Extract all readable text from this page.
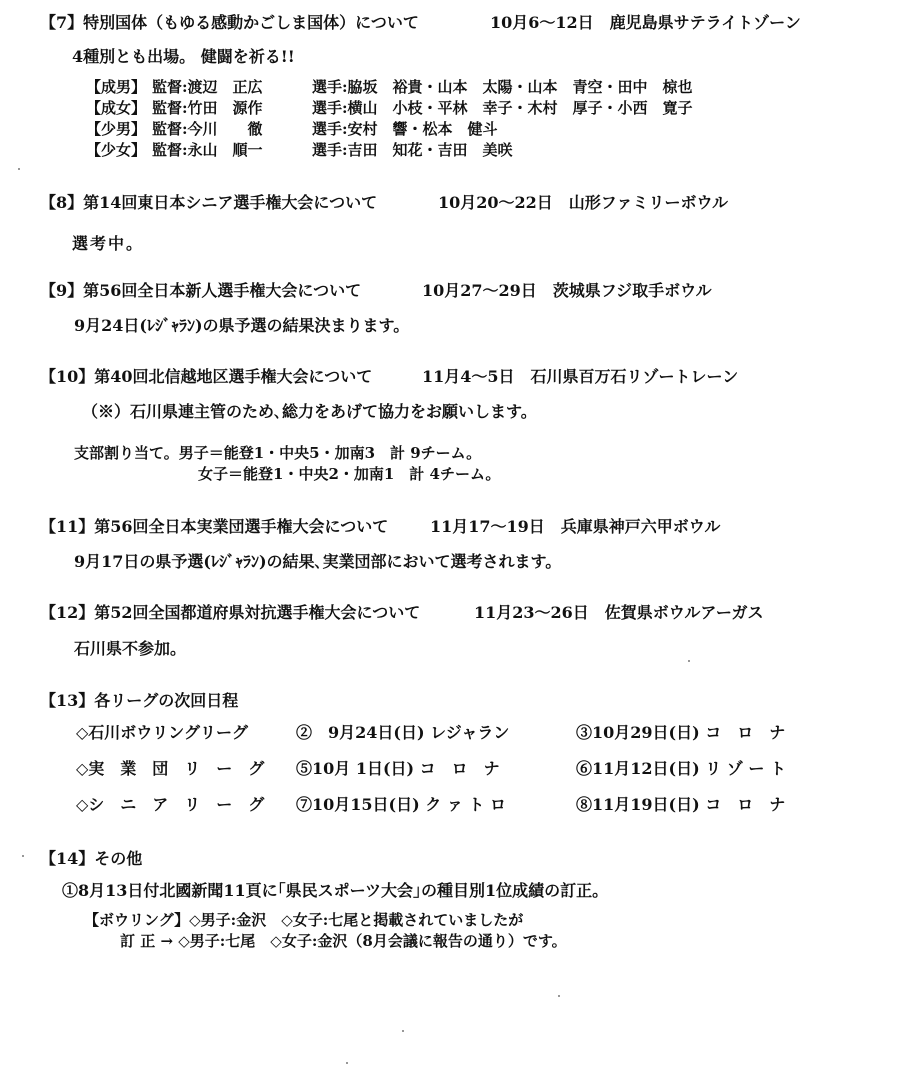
【7】特別国体（もゆる感動かごしま国体）について	10月6～12日　鹿児島県サテライトゾーン
4種別とも出場。 健闘を祈る!!
【成男】 監督:渡辺　正広	選手:脇坂　裕貴・山本　太陽・山本　青空・田中　椋也
【成女】 監督:竹田　源作	選手:横山　小枝・平林　幸子・木村　厚子・小西　寛子
【少男】 監督:今川　　徹	選手:安村　響・松本　健斗
【少女】 監督:永山　順一	選手:吉田　知花・吉田　美咲
【8】第14回東日本シニア選手権大会について	10月20～22日　山形ファミリーボウル
選考中。
【9】第56回全日本新人選手権大会について	10月27～29日　茨城県フジ取手ボウル
9月24日(ﾚｼﾞｬﾗﾝ)の県予選の結果決まります。
【10】第40回北信越地区選手権大会について	11月4～5日　石川県百万石リゾートレーン
（※）石川県連主管のため､総力をあげて協力をお願いします。
支部割り当て。男子＝能登1・中央5・加南3　計 9チーム。
女子＝能登1・中央2・加南1　計 4チーム。
【11】第56回全日本実業団選手権大会について	11月17～19日　兵庫県神戸六甲ボウル
9月17日の県予選(ﾚｼﾞｬﾗﾝ)の結果､実業団部において選考されます。
【12】第52回全国都道府県対抗選手権大会について	11月23～26日　佐賀県ボウルアーガス
石川県不参加。
【13】各リーグの次回日程
◇石川ボウリングリーグ	②　9月24日(日) レジャラン	③10月29日(日) コ　ロ　ナ
◇実　業　団　リ　ー　グ ⑤10月 1日(日) コ　ロ　ナ	⑥11月12日(日) リ ゾ ー ト
◇シ　ニ　ア　リ　ー　グ ⑦10月15日(日) ク ァ ト ロ	⑧11月19日(日) コ　ロ　ナ
【14】その他
①8月13日付北國新聞11頁に｢県民スポーツ大会｣の種目別1位成績の訂正。
【ボウリング】◇男子:金沢　◇女子:七尾と掲載されていましたが
訂 正 → ◇男子:七尾　◇女子:金沢（8月会議に報告の通り）です。
